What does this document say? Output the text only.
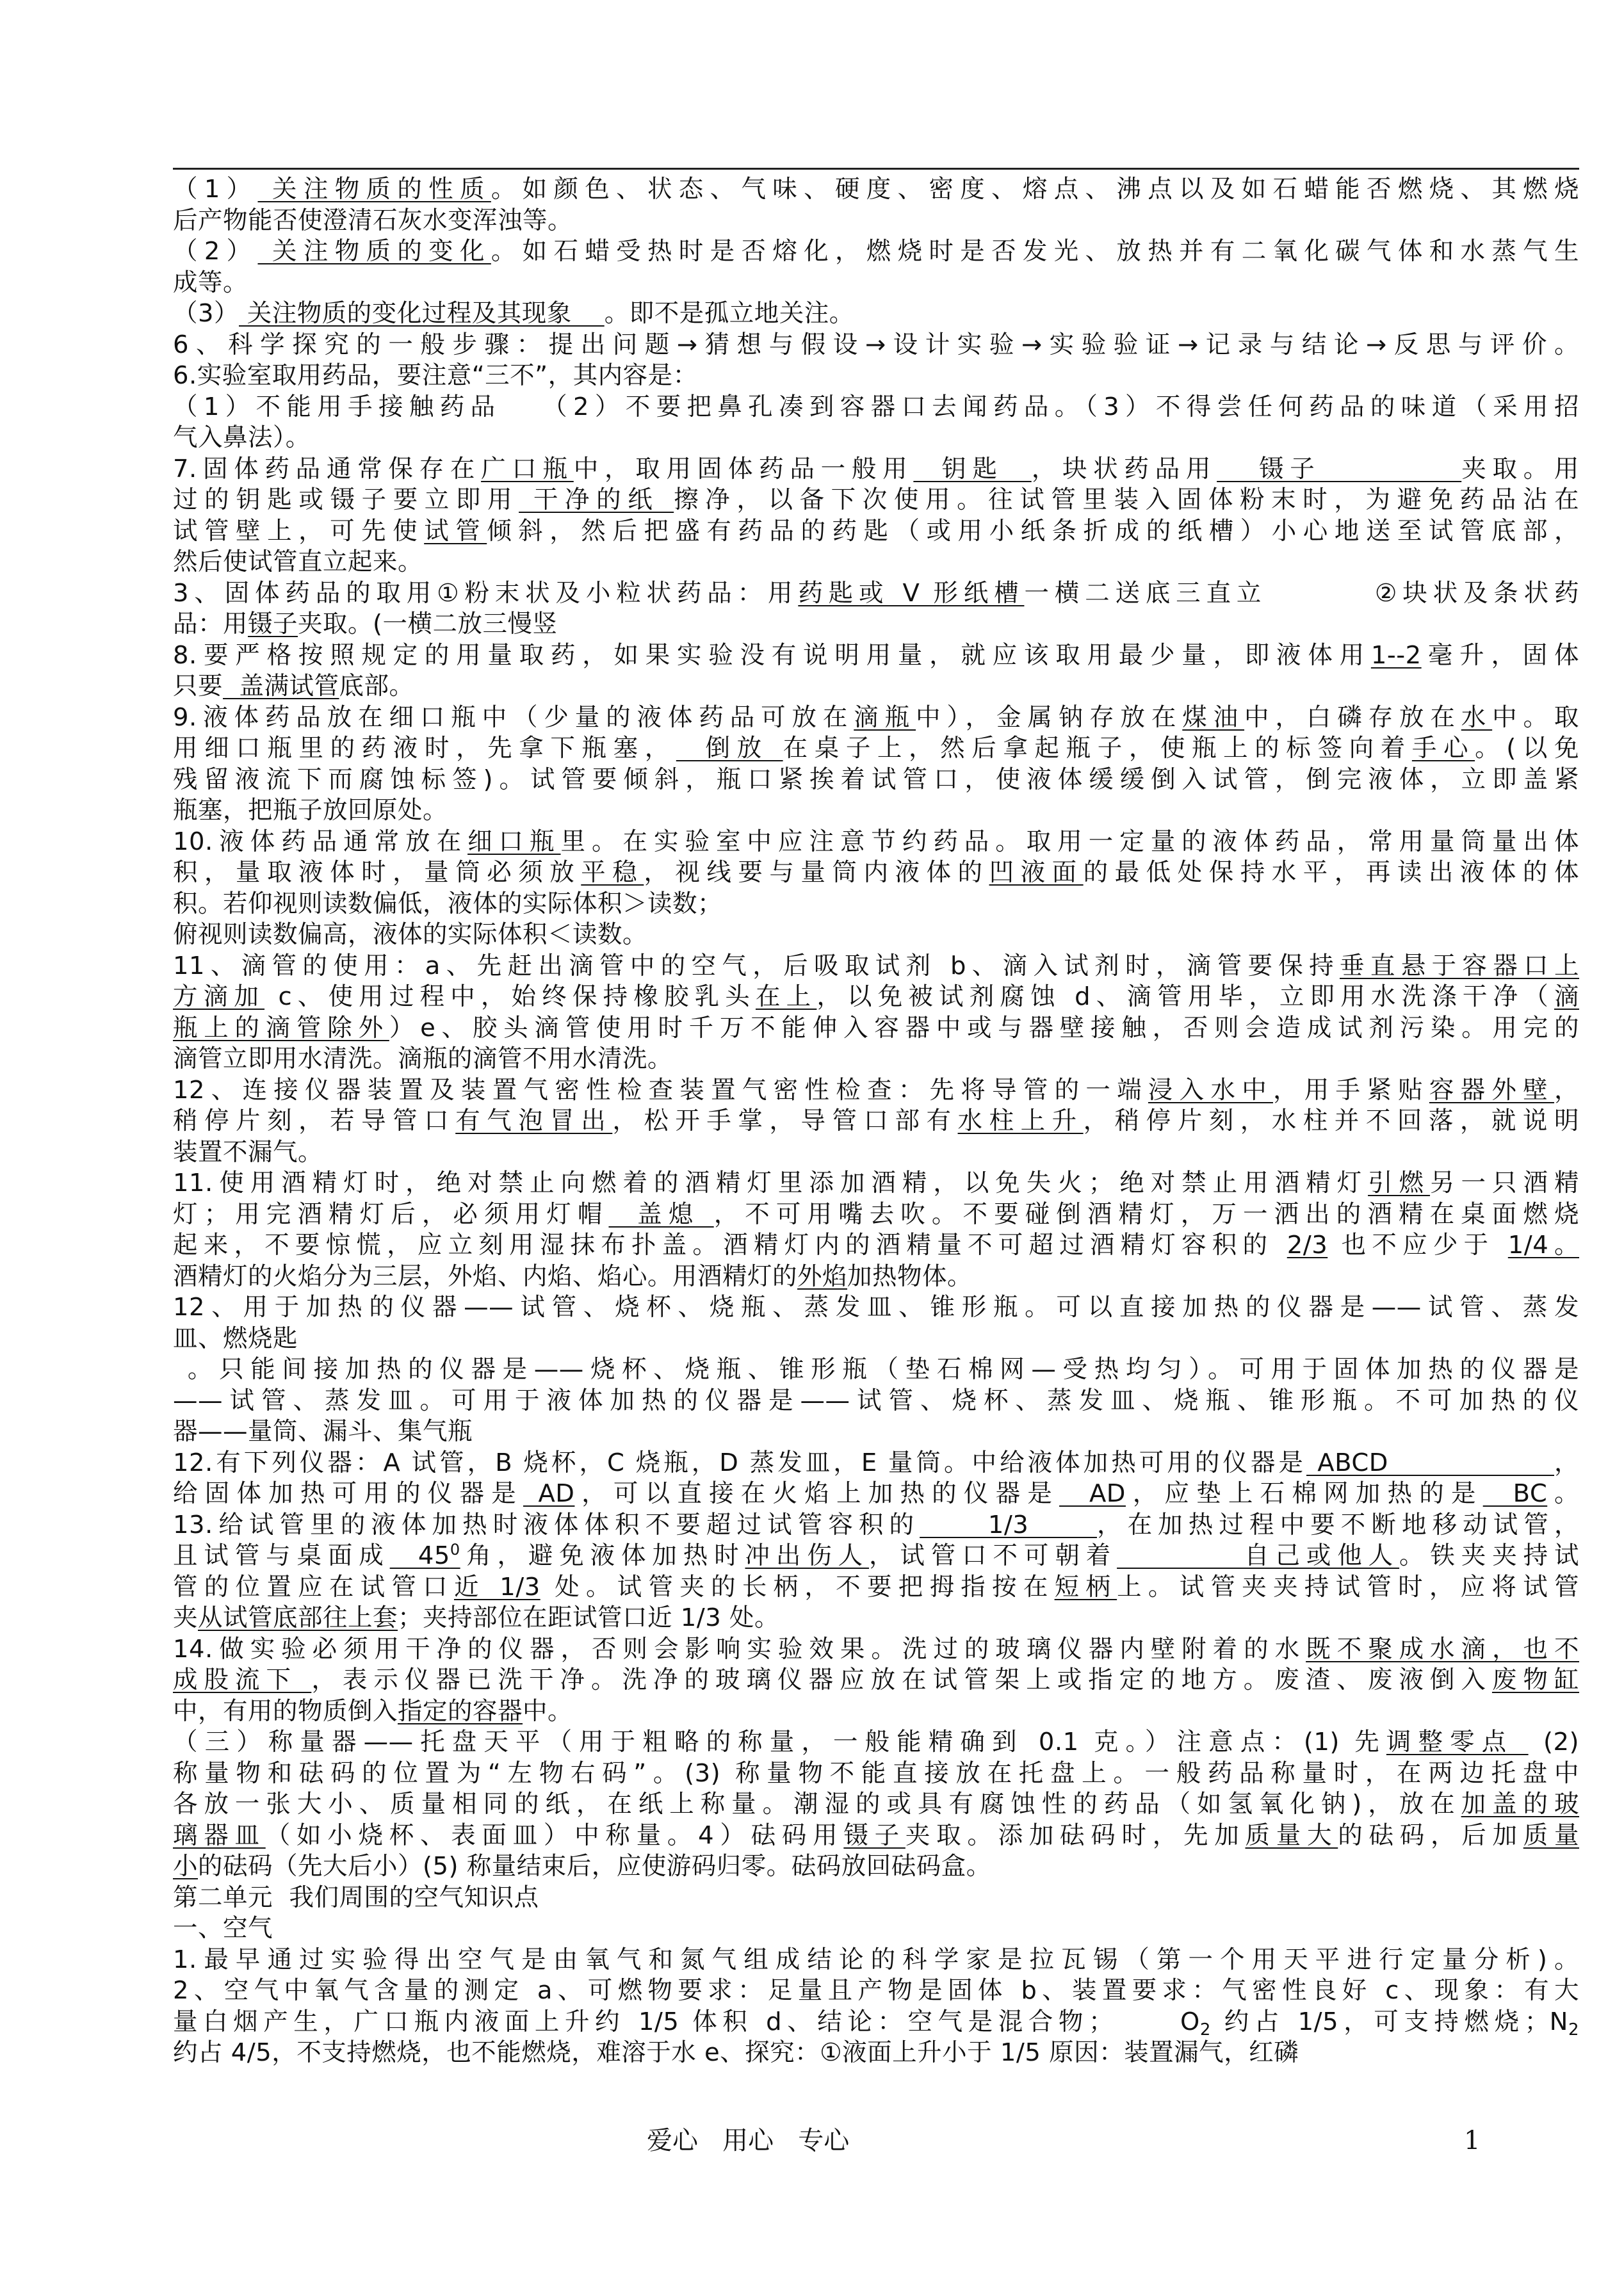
（1） 关注物质的性质。如颜色、状态、气味、硬度、密度、熔点、沸点以及如石蜡能否燃烧、其燃烧
后产物能否使澄清石灰水变浑浊等。
（2） 关注物质的变化。如石蜡受热时是否熔化，燃烧时是否发光、放热并有二氧化碳气体和水蒸气生
成等。
（3） 关注物质的变化过程及其现象    。即不是孤立地关注。
6、科学探究的一般步骤：提出问题→猜想与假设→设计实验→实验验证→记录与结论→反思与评价。
6.实验室取用药品，要注意“三不”，其内容是：
（1）不能用手接触药品   （2）不要把鼻孔凑到容器口去闻药品。（3）不得尝任何药品的味道（采用招
气入鼻法）。
7.固体药品通常保存在广口瓶中，取用固体药品一般用  钥匙  ，块状药品用   镊子          夹取。用
过的钥匙或镊子要立即用 干净的纸 擦净，以备下次使用。往试管里装入固体粉末时，为避免药品沾在
试管壁上，可先使试管倾斜，然后把盛有药品的药匙（或用小纸条折成的纸槽）小心地送至试管底部，
然后使试管直立起来。
3、固体药品的取用①粉末状及小粒状药品：用药匙或 V 形纸槽一横二送底三直立        ②块状及条状药
品：用镊子夹取。(一横二放三慢竖
8.要严格按照规定的用量取药，如果实验没有说明用量，就应该取用最少量，即液体用1--2毫升，固体
只要  盖满试管底部。
9.液体药品放在细口瓶中（少量的液体药品可放在滴瓶中），金属钠存放在煤油中，白磷存放在水中。取
用细口瓶里的药液时，先拿下瓶塞，  倒放 在桌子上，然后拿起瓶子，使瓶上的标签向着手心。(以免
残留液流下而腐蚀标签)。试管要倾斜，瓶口紧挨着试管口，使液体缓缓倒入试管，倒完液体，立即盖紧
瓶塞，把瓶子放回原处。
10.液体药品通常放在细口瓶里。在实验室中应注意节约药品。取用一定量的液体药品，常用量筒量出体
积，量取液体时，量筒必须放平稳，视线要与量筒内液体的凹液面的最低处保持水平，再读出液体的体
积。若仰视则读数偏低，液体的实际体积＞读数；
俯视则读数偏高，液体的实际体积＜读数。
11、滴管的使用：a、先赶出滴管中的空气，后吸取试剂 b、滴入试剂时，滴管要保持垂直悬于容器口上
方滴加 c、使用过程中，始终保持橡胶乳头在上，以免被试剂腐蚀 d、滴管用毕，立即用水洗涤干净（滴
瓶上的滴管除外）e、胶头滴管使用时千万不能伸入容器中或与器壁接触，否则会造成试剂污染。用完的
滴管立即用水清洗。滴瓶的滴管不用水清洗。
12、连接仪器装置及装置气密性检查装置气密性检查：先将导管的一端浸入水中，用手紧贴容器外壁，
稍停片刻，若导管口有气泡冒出，松开手掌，导管口部有水柱上升，稍停片刻，水柱并不回落，就说明
装置不漏气。
11.使用酒精灯时，绝对禁止向燃着的酒精灯里添加酒精，以免失火；绝对禁止用酒精灯引燃另一只酒精
灯；用完酒精灯后，必须用灯帽  盖熄 ，不可用嘴去吹。不要碰倒酒精灯，万一洒出的酒精在桌面燃烧
起来，不要惊慌，应立刻用湿抹布扑盖。酒精灯内的酒精量不可超过酒精灯容积的 2/3 也不应少于 1/4。
酒精灯的火焰分为三层，外焰、内焰、焰心。用酒精灯的外焰加热物体。
12、用于加热的仪器——试管、烧杯、烧瓶、蒸发皿、锥形瓶。可以直接加热的仪器是——试管、蒸发
皿、燃烧匙
。只能间接加热的仪器是——烧杯、烧瓶、锥形瓶（垫石棉网—受热均匀）。可用于固体加热的仪器是
——试管、蒸发皿。可用于液体加热的仪器是——试管、烧杯、蒸发皿、烧瓶、锥形瓶。不可加热的仪
器——量筒、漏斗、集气瓶
12.有下列仪器：A 试管，B 烧杯，C 烧瓶，D 蒸发皿，E 量筒。中给液体加热可用的仪器是 ABCD               ，
给固体加热可用的仪器是 AD，可以直接在火焰上加热的仪器是  AD，应垫上石棉网加热的是  BC。
13.给试管里的液体加热时液体体积不要超过试管容积的     1/3     ，在加热过程中要不断地移动试管，
且试管与桌面成  $45^0$角，避免液体加热时冲出伤人，试管口不可朝着         自己或他人。铁夹夹持试
管的位置应在试管口近 1/3 处。试管夹的长柄，不要把拇指按在短柄上。试管夹夹持试管时，应将试管
夹从试管底部往上套；夹持部位在距试管口近 1/3 处。
14.做实验必须用干净的仪器，否则会影响实验效果。洗过的玻璃仪器内壁附着的水既不聚成水滴，也不
成股流下 ，表示仪器已洗干净。洗净的玻璃仪器应放在试管架上或指定的地方。废渣、废液倒入废物缸
中，有用的物质倒入指定的容器中。
（三）称量器——托盘天平（用于粗略的称量，一般能精确到 0.1 克。）注意点：(1) 先调整零点  (2)
称量物和砝码的位置为“左物右码”。(3) 称量物不能直接放在托盘上。一般药品称量时，在两边托盘中
各放一张大小、质量相同的纸，在纸上称量。潮湿的或具有腐蚀性的药品（如氢氧化钠)，放在加盖的玻
璃器皿（如小烧杯、表面皿）中称量。4）砝码用镊子夹取。添加砝码时，先加质量大的砝码，后加质量
小的砝码（先大后小）(5) 称量结束后，应使游码归零。砝码放回砝码盒。
第二单元  我们周围的空气知识点
一、空气
1.最早通过实验得出空气是由氧气和氮气组成结论的科学家是拉瓦锡（第一个用天平进行定量分析)。
2、空气中氧气含量的测定 a、可燃物要求：足量且产物是固体 b、装置要求：气密性良好 c、现象：有大
量白烟产生，广口瓶内液面上升约 1/5 体积 d、结论：空气是混合物；     $O_2$ 约占 1/5，可支持燃烧；$N_2$
约占 4/5，不支持燃烧，也不能燃烧，难溶于水 e、探究：①液面上升小于 1/5 原因：装置漏气，红磷
爱心   用心   专心	1
